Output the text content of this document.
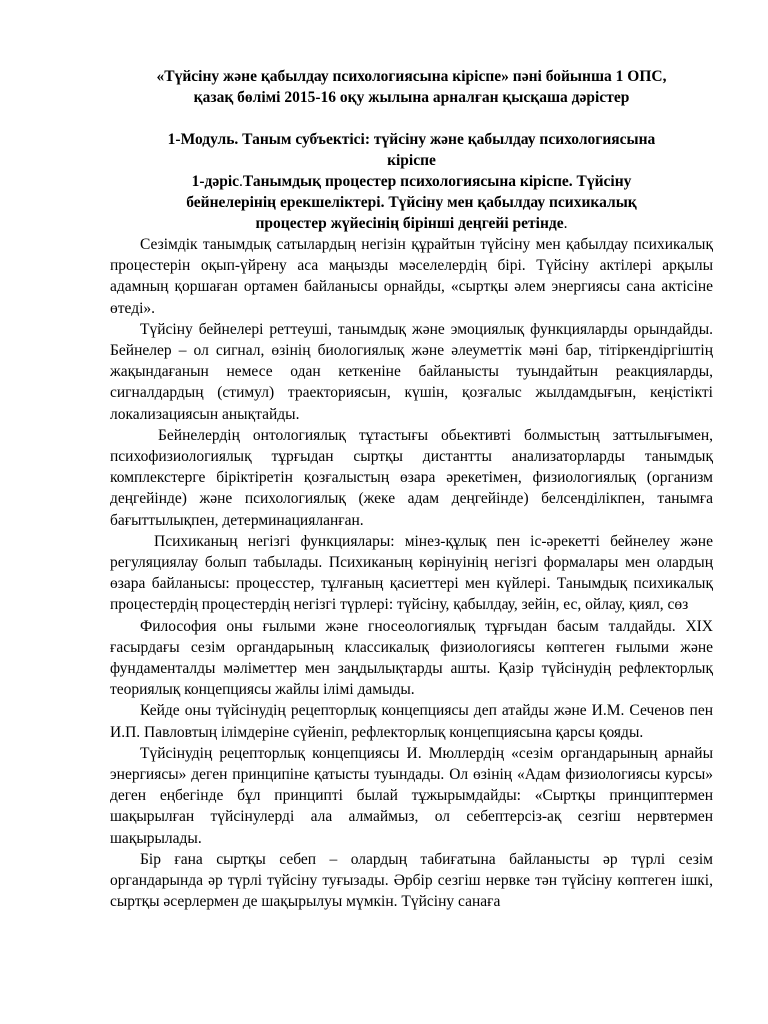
«Түйсіну және қабылдау психологиясына кіріспе» пәні бойынша 1 ОПС,
қазақ бөлімі 2015-16 оқу жылына арналған қысқаша дәрістер
1-Модуль. Таным субъектісі: түйсіну және қабылдау психологиясына
кіріспе
1-дәріс.Танымдық процестер психологиясына кіріспе. Түйсіну
бейнелерінің ерекшеліктері. Түйсіну мен қабылдау психикалық
процестер жүйесінің бірінші деңгейі ретінде.

Сезімдік танымдық сатылардың негізін құрайтын түйсіну мен қабылдау психикалық процестерін оқып-үйрену аса маңызды мәселелердің бірі. Түйсіну актілері арқылы адамның қоршаған ортамен байланысы орнайды, «сыртқы әлем энергиясы сана актісіне өтеді».

Түйсіну бейнелері реттеуші, танымдық және эмоциялық функцияларды орындайды. Бейнелер – ол сигнал, өзінің биологиялық және әлеуметтік мәні бар, тітіркендіргіштің жақындағанын немесе одан кеткеніне байланысты туындайтын реакцияларды, сигналдардың (стимул) траекториясын, күшін, қозғалыс жылдамдығын, кеңістікті локализациясын анықтайды.

Бейнелердің онтологиялық тұтастығы обьективті болмыстың заттылығымен, психофизиологиялық тұрғыдан сыртқы дистантты анализаторларды танымдық комплекстерге біріктіретін қозғалыстың өзара әрекетімен, физиологиялық (организм деңгейінде) және психологиялық (жеке адам деңгейінде) белсенділікпен, танымға бағыттылықпен, детерминацияланған.

Психиканың негізгі функциялары: мінез-құлық пен іс-әрекетті бейнелеу және регуляциялау болып табылады. Психиканың көрінуінің негізгі формалары мен олардың өзара байланысы: процесстер, тұлғаның қасиеттері мен күйлері. Танымдық психикалық процестердің процестердің негізгі түрлері: түйсіну, қабылдау, зейін, ес, ойлау, қиял, сөз

Философия оны ғылыми және гносеологиялық тұрғыдан басым талдайды. XIX ғасырдағы сезім органдарының классикалық физиологиясы көптеген ғылыми және фундаменталды мәліметтер мен заңдылықтарды ашты. Қазір түйсінудің рефлекторлық теориялық концепциясы жайлы ілімі дамыды.

Кейде оны түйсінудің рецепторлық концепциясы деп атайды және И.М. Сеченов пен И.П. Павловтың ілімдеріне сүйеніп, рефлекторлық концепциясына қарсы қояды.

Түйсінудің рецепторлық концепциясы И. Мюллердің «сезім органдарының арнайы энергиясы» деген принципіне қатысты туындады. Ол өзінің «Адам физиологиясы курсы» деген еңбегінде бұл принципті былай тұжырымдайды: «Сыртқы принциптермен шақырылған түйсінулерді ала алмаймыз, ол себептерсіз-ақ сезгіш нервтермен шақырылады.

Бір ғана сыртқы себеп – олардың табиғатына байланысты әр түрлі сезім органдарында әр түрлі түйсіну туғызады. Әрбір сезгіш нервке тән түйсіну көптеген ішкі, сыртқы әсерлермен де шақырылуы мүмкін. Түйсіну санаға
